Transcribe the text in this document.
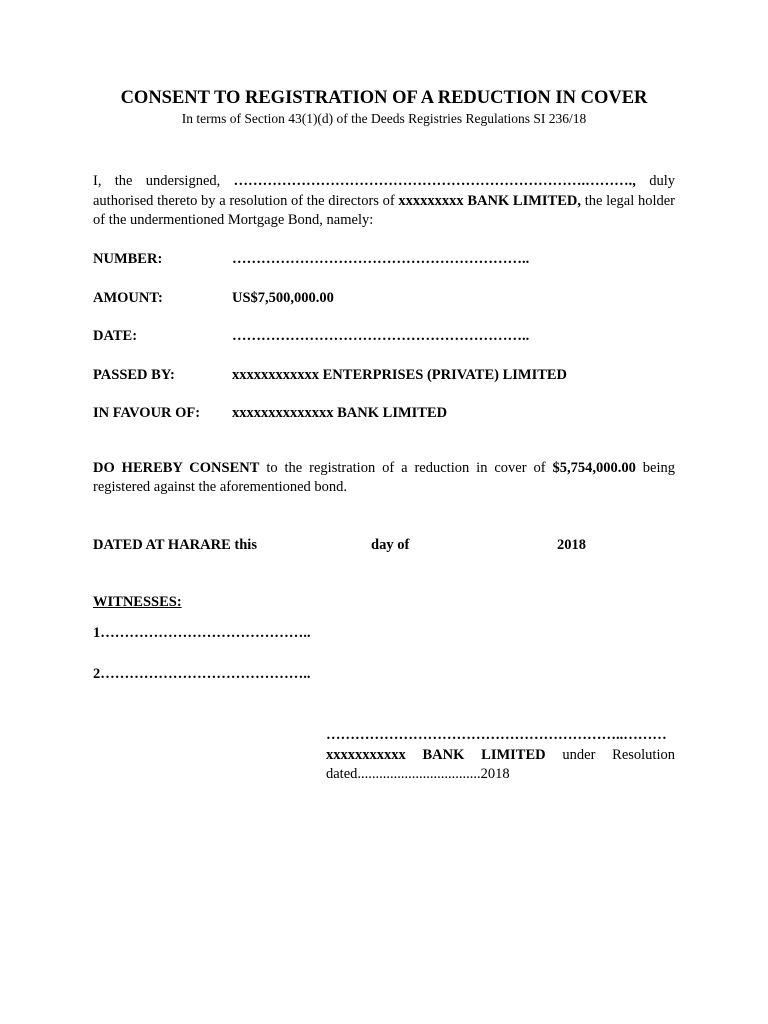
CONSENT TO REGISTRATION OF A REDUCTION IN COVER

In terms of Section 43(1)(d) of the Deeds Registries Regulations SI 236/18

I, the undersigned, ……………………………………………………………….………., duly authorised thereto by a resolution of the directors of xxxxxxxxx BANK LIMITED, the legal holder of the undermentioned Mortgage Bond, namely:

NUMBER:	……………………………………………………..
AMOUNT:	US$7,500,000.00
DATE:	……………………………………………………..
PASSED BY:	xxxxxxxxxxxx ENTERPRISES (PRIVATE) LIMITED
IN FAVOUR OF:	xxxxxxxxxxxxxx BANK LIMITED

DO HEREBY CONSENT to the registration of a reduction in cover of $5,754,000.00 being registered against the aforementioned bond.

DATED AT HARARE this	day of	2018
WITNESSES:
1……………………………………..
2……………………………………..
……………………………………………………..………
xxxxxxxxxxx BANK LIMITED under Resolution
dated..................................2018
